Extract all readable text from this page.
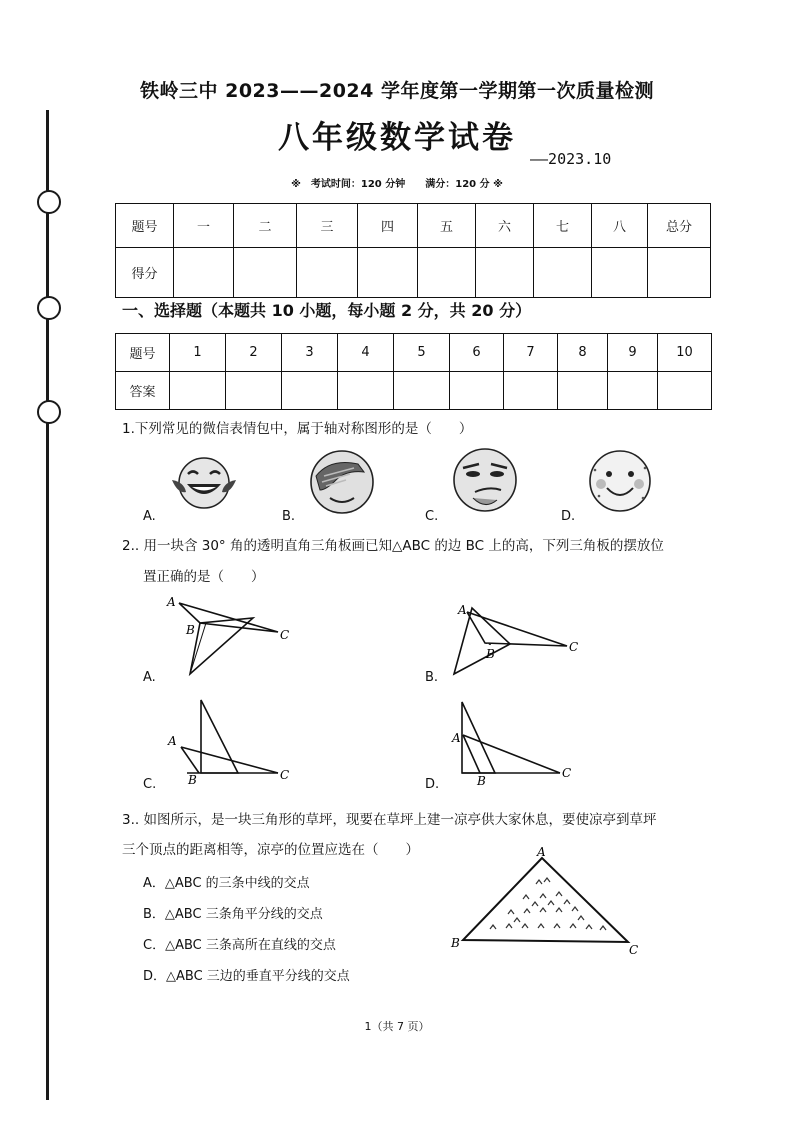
铁岭三中 2023——2024 学年度第一学期第一次质量检测
八年级数学试卷
——2023.10
※　考试时间：120 分钟　　满分：120 分 ※
题号	一	二	三	四	五	六	七	八	总分
得分									
一、选择题（本题共 10 小题，每小题 2 分，共 20 分）
题号	1	2	3	4	5	6	7	8	9	10
答案										
1.下列常见的微信表情包中，属于轴对称图形的是（　　）
A.	B.	C.	D.
2.. 用一块含 30° 角的透明直角三角板画已知△ABC 的边 BC 上的高，下列三角板的摆放位
置正确的是（　　）
A
B	C
A.
A
B	C
B.
A
B	C
C.
A
B
C
D.
3.. 如图所示，是一块三角形的草坪，现要在草坪上建一凉亭供大家休息，要使凉亭到草坪
三个顶点的距离相等，凉亭的位置应选在（　　）
A．△ABC 的三条中线的交点
B．△ABC 三条角平分线的交点
C．△ABC 三条高所在直线的交点
D．△ABC 三边的垂直平分线的交点
A
B	C
1（共 7 页）
